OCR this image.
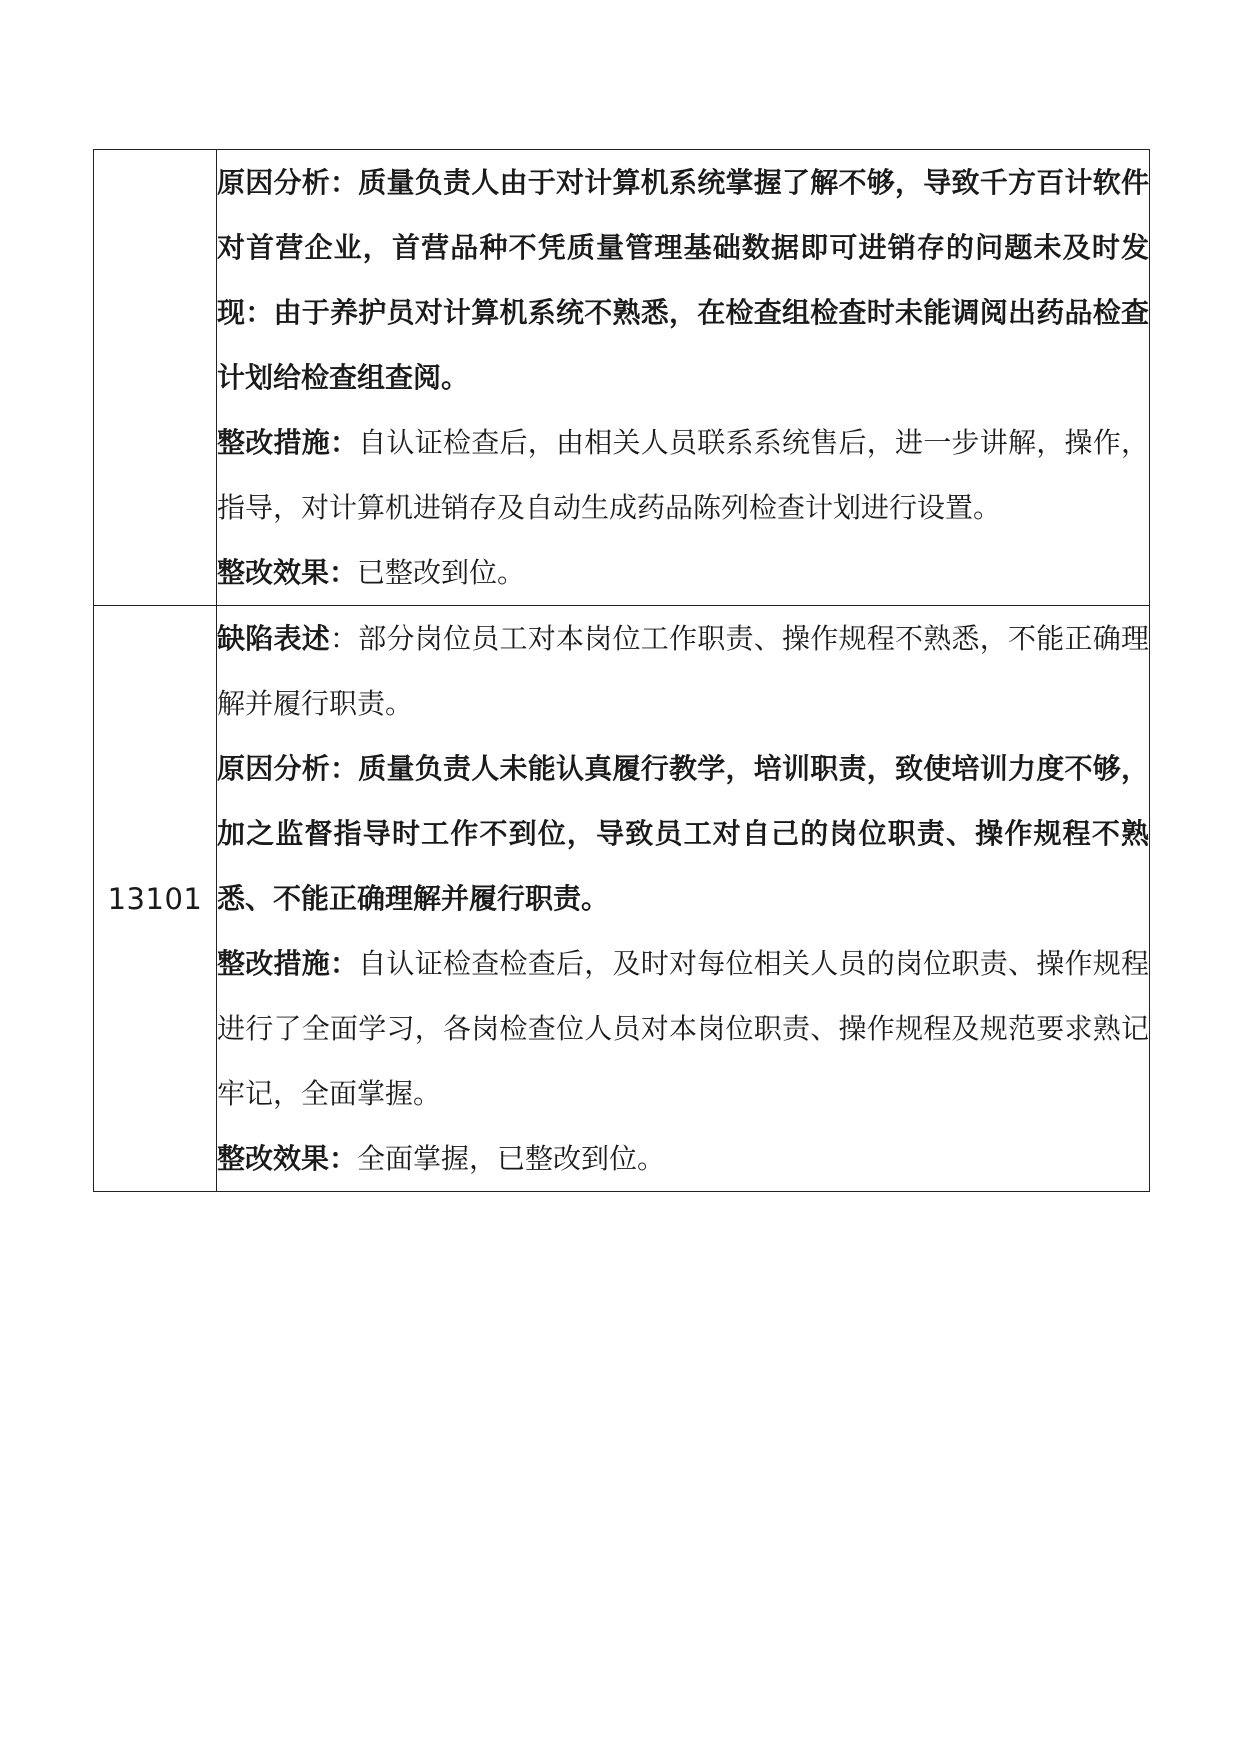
	原因分析：质量负责人由于对计算机系统掌握了解不够，导致千方百计软件对首营企业，首营品种不凭质量管理基础数据即可进销存的问题未及时发现：由于养护员对计算机系统不熟悉，在检查组检查时未能调阅出药品检查计划给检查组查阅。

整改措施：自认证检查后，由相关人员联系系统售后，进一步讲解，操作，指导，对计算机进销存及自动生成药品陈列检查计划进行设置。

整改效果：已整改到位。

13101	缺陷表述：部分岗位员工对本岗位工作职责、操作规程不熟悉，不能正确理解并履行职责。

原因分析：质量负责人未能认真履行教学，培训职责，致使培训力度不够，加之监督指导时工作不到位，导致员工对自己的岗位职责、操作规程不熟悉、不能正确理解并履行职责。

整改措施：自认证检查检查后，及时对每位相关人员的岗位职责、操作规程进行了全面学习，各岗检查位人员对本岗位职责、操作规程及规范要求熟记牢记，全面掌握。

整改效果：全面掌握，已整改到位。
